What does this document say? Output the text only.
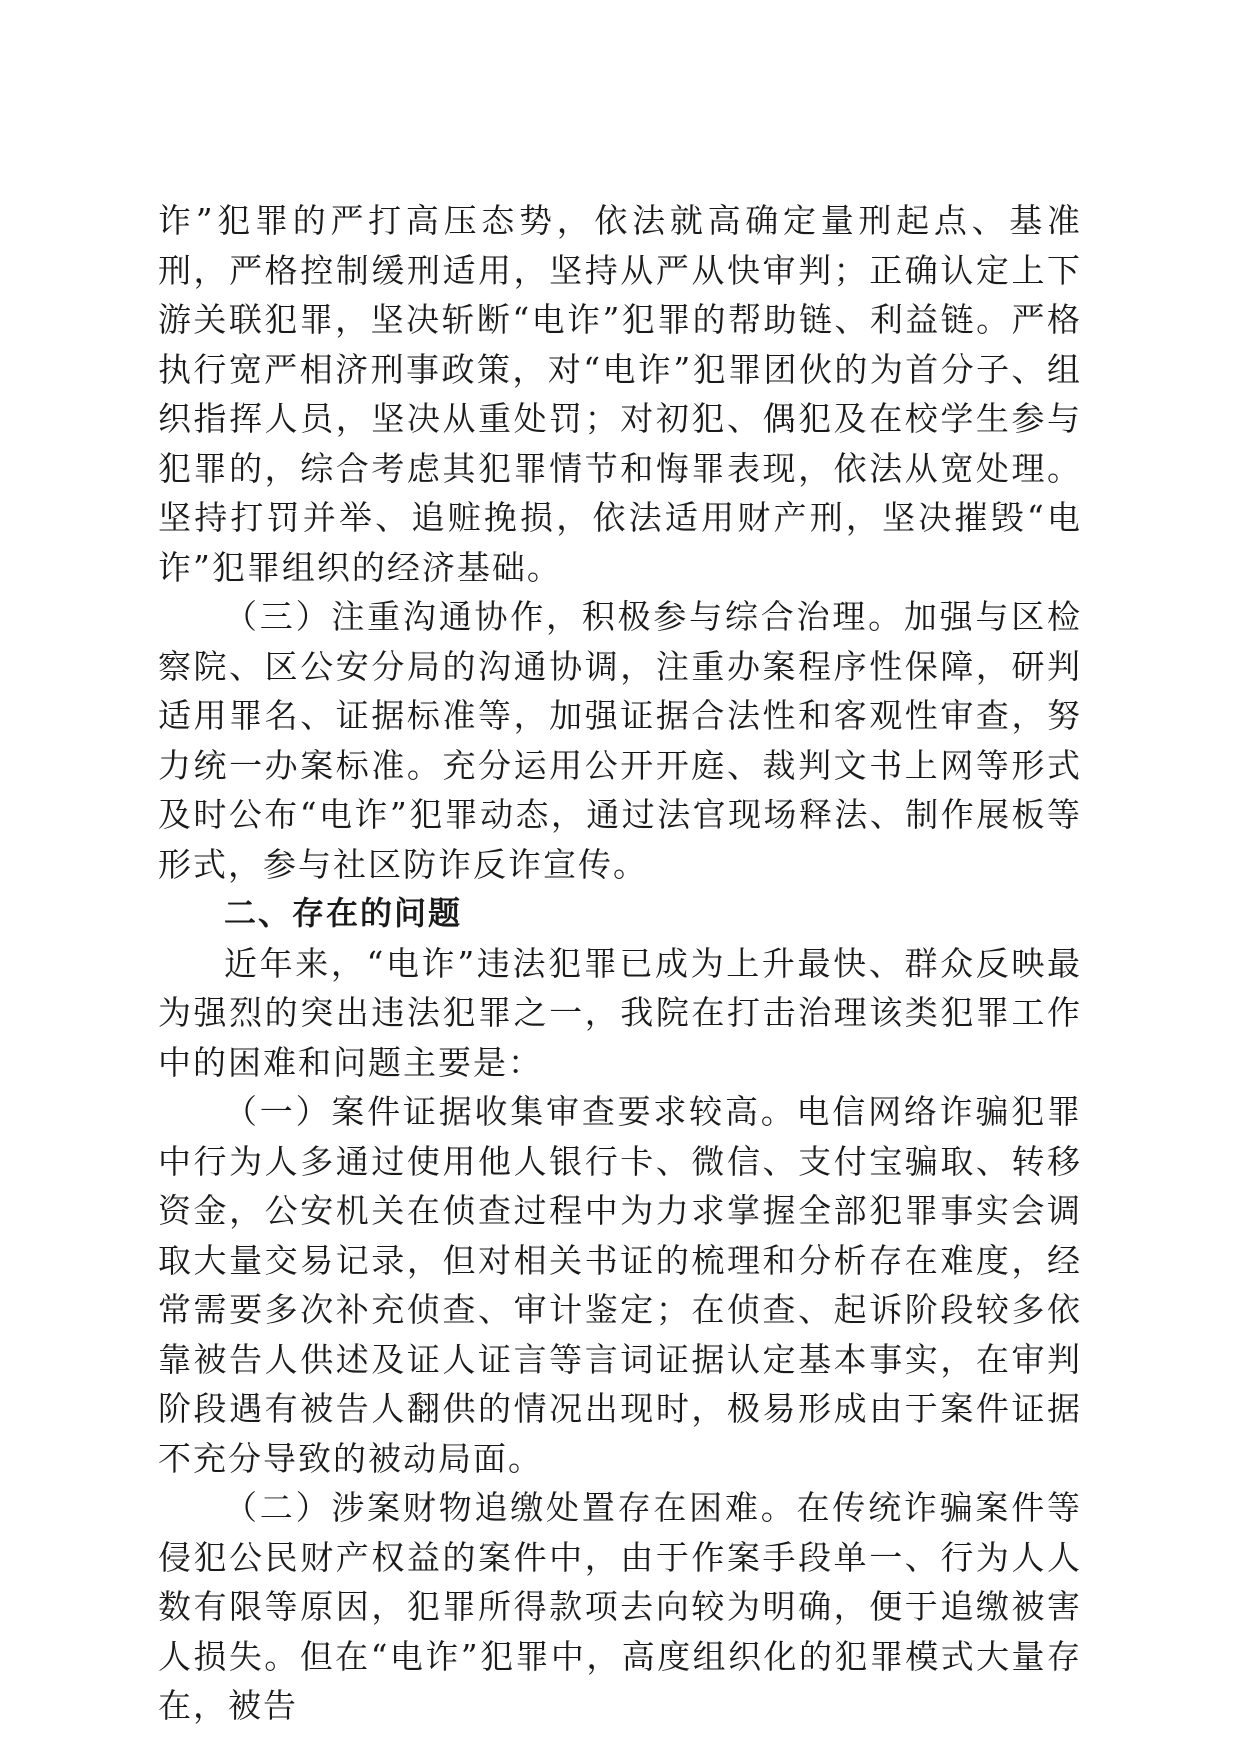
诈”犯罪的严打高压态势，依法就高确定量刑起点、基准刑，严格控制缓刑适用，坚持从严从快审判；正确认定上下游关联犯罪，坚决斩断“电诈”犯罪的帮助链、利益链。严格执行宽严相济刑事政策，对“电诈”犯罪团伙的为首分子、组织指挥人员，坚决从重处罚；对初犯、偶犯及在校学生参与犯罪的，综合考虑其犯罪情节和悔罪表现，依法从宽处理。坚持打罚并举、追赃挽损，依法适用财产刑，坚决摧毁“电诈”犯罪组织的经济基础。

（三）注重沟通协作，积极参与综合治理。加强与区检察院、区公安分局的沟通协调，注重办案程序性保障，研判适用罪名、证据标准等，加强证据合法性和客观性审查，努力统一办案标准。充分运用公开开庭、裁判文书上网等形式及时公布“电诈”犯罪动态，通过法官现场释法、制作展板等形式，参与社区防诈反诈宣传。

二、存在的问题

近年来，“电诈”违法犯罪已成为上升最快、群众反映最为强烈的突出违法犯罪之一，我院在打击治理该类犯罪工作中的困难和问题主要是：

（一）案件证据收集审查要求较高。电信网络诈骗犯罪中行为人多通过使用他人银行卡、微信、支付宝骗取、转移资金，公安机关在侦查过程中为力求掌握全部犯罪事实会调取大量交易记录，但对相关书证的梳理和分析存在难度，经常需要多次补充侦查、审计鉴定；在侦查、起诉阶段较多依靠被告人供述及证人证言等言词证据认定基本事实，在审判阶段遇有被告人翻供的情况出现时，极易形成由于案件证据不充分导致的被动局面。

（二）涉案财物追缴处置存在困难。在传统诈骗案件等侵犯公民财产权益的案件中，由于作案手段单一、行为人人数有限等原因，犯罪所得款项去向较为明确，便于追缴被害人损失。但在“电诈”犯罪中，高度组织化的犯罪模式大量存在，被告
